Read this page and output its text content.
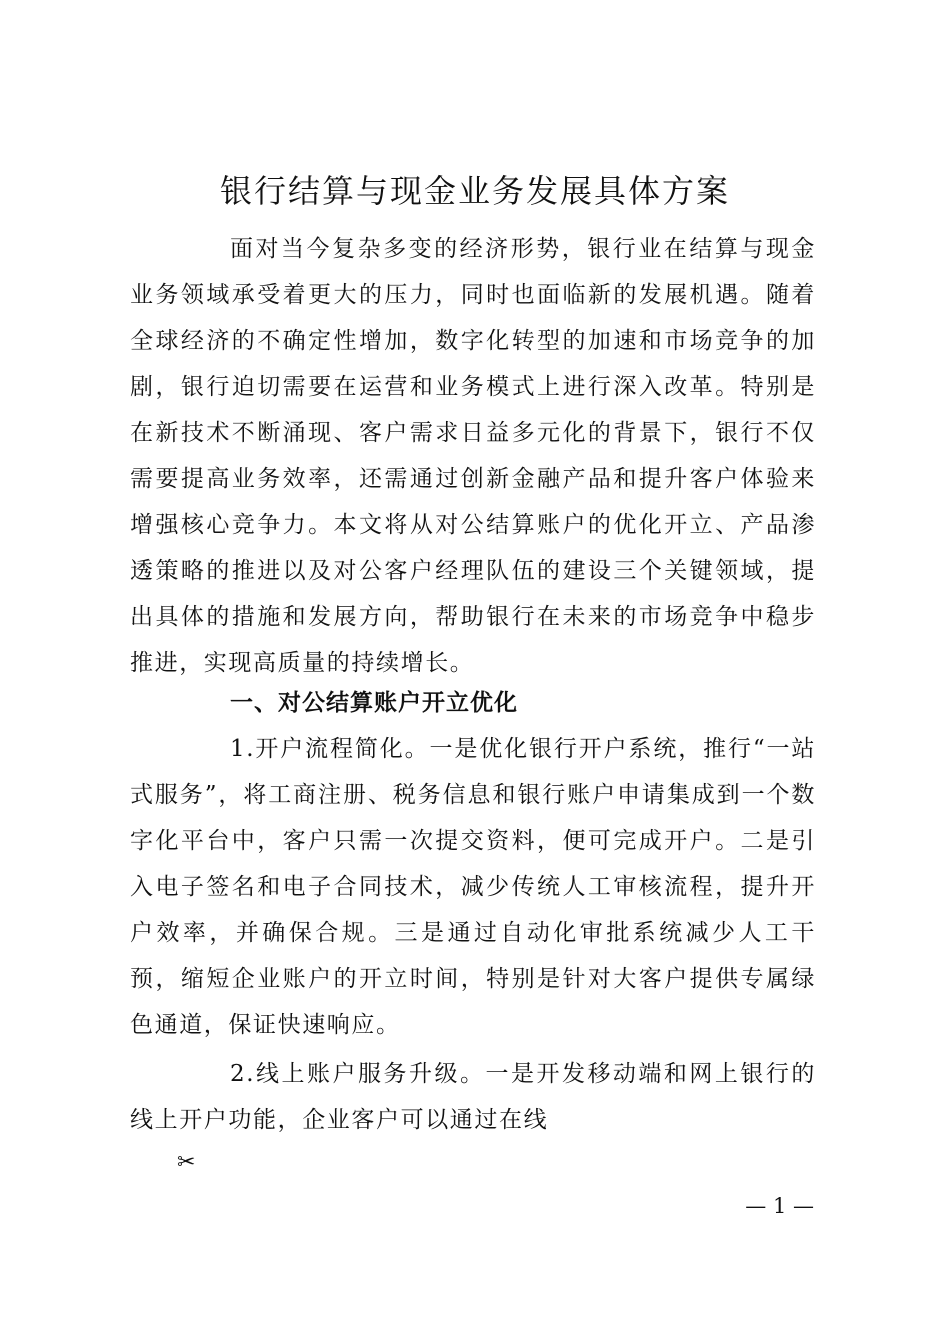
银行结算与现金业务发展具体方案

面对当今复杂多变的经济形势，银行业在结算与现金业务领域承受着更大的压力，同时也面临新的发展机遇。随着全球经济的不确定性增加，数字化转型的加速和市场竞争的加剧，银行迫切需要在运营和业务模式上进行深入改革。特别是在新技术不断涌现、客户需求日益多元化的背景下，银行不仅需要提高业务效率，还需通过创新金融产品和提升客户体验来增强核心竞争力。本文将从对公结算账户的优化开立、产品渗透策略的推进以及对公客户经理队伍的建设三个关键领域，提出具体的措施和发展方向，帮助银行在未来的市场竞争中稳步推进，实现高质量的持续增长。

一、对公结算账户开立优化

1.开户流程简化。一是优化银行开户系统，推行“一站式服务”，将工商注册、税务信息和银行账户申请集成到一个数字化平台中，客户只需一次提交资料，便可完成开户。二是引入电子签名和电子合同技术，减少传统人工审核流程，提升开户效率，并确保合规。三是通过自动化审批系统减少人工干预，缩短企业账户的开立时间，特别是针对大客户提供专属绿色通道，保证快速响应。

2.线上账户服务升级。一是开发移动端和网上银行的线上开户功能，企业客户可以通过在线

✂
— 1 —
